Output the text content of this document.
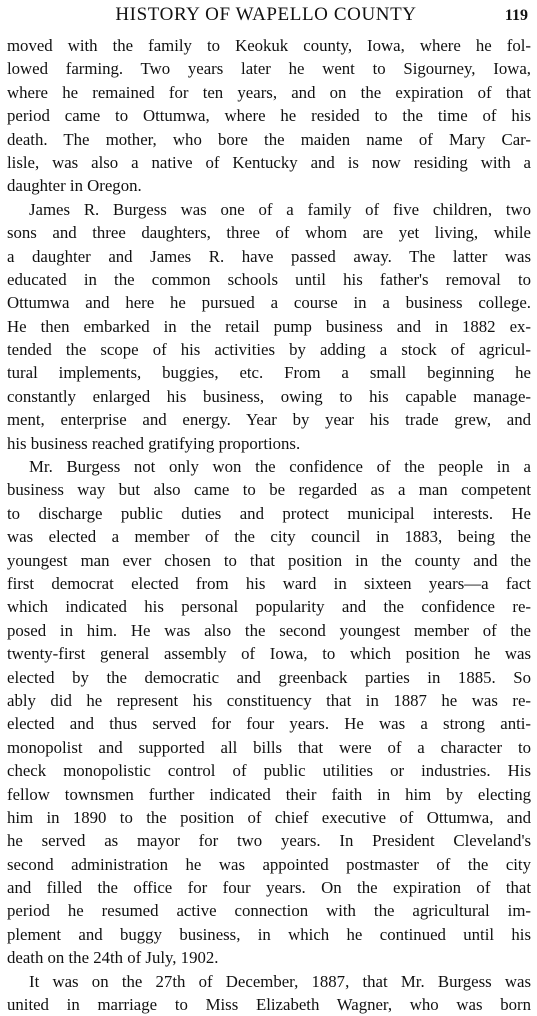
HISTORY OF WAPELLO COUNTY	119
moved with the family to Keokuk county, Iowa, where he fol-
lowed farming. Two years later he went to Sigourney, Iowa,
where he remained for ten years, and on the expiration of that
period came to Ottumwa, where he resided to the time of his
death. The mother, who bore the maiden name of Mary Car-
lisle, was also a native of Kentucky and is now residing with a
daughter in Oregon.
James R. Burgess was one of a family of five children, two
sons and three daughters, three of whom are yet living, while
a daughter and James R. have passed away. The latter was
educated in the common schools until his father's removal to
Ottumwa and here he pursued a course in a business college.
He then embarked in the retail pump business and in 1882 ex-
tended the scope of his activities by adding a stock of agricul-
tural implements, buggies, etc. From a small beginning he
constantly enlarged his business, owing to his capable manage-
ment, enterprise and energy. Year by year his trade grew, and
his business reached gratifying proportions.
Mr. Burgess not only won the confidence of the people in a
business way but also came to be regarded as a man competent
to discharge public duties and protect municipal interests. He
was elected a member of the city council in 1883, being the
youngest man ever chosen to that position in the county and the
first democrat elected from his ward in sixteen years—a fact
which indicated his personal popularity and the confidence re-
posed in him. He was also the second youngest member of the
twenty-first general assembly of Iowa, to which position he was
elected by the democratic and greenback parties in 1885. So
ably did he represent his constituency that in 1887 he was re-
elected and thus served for four years. He was a strong anti-
monopolist and supported all bills that were of a character to
check monopolistic control of public utilities or industries. His
fellow townsmen further indicated their faith in him by electing
him in 1890 to the position of chief executive of Ottumwa, and
he served as mayor for two years. In President Cleveland's
second administration he was appointed postmaster of the city
and filled the office for four years. On the expiration of that
period he resumed active connection with the agricultural im-
plement and buggy business, in which he continued until his
death on the 24th of July, 1902.
It was on the 27th of December, 1887, that Mr. Burgess was
united in marriage to Miss Elizabeth Wagner, who was born
